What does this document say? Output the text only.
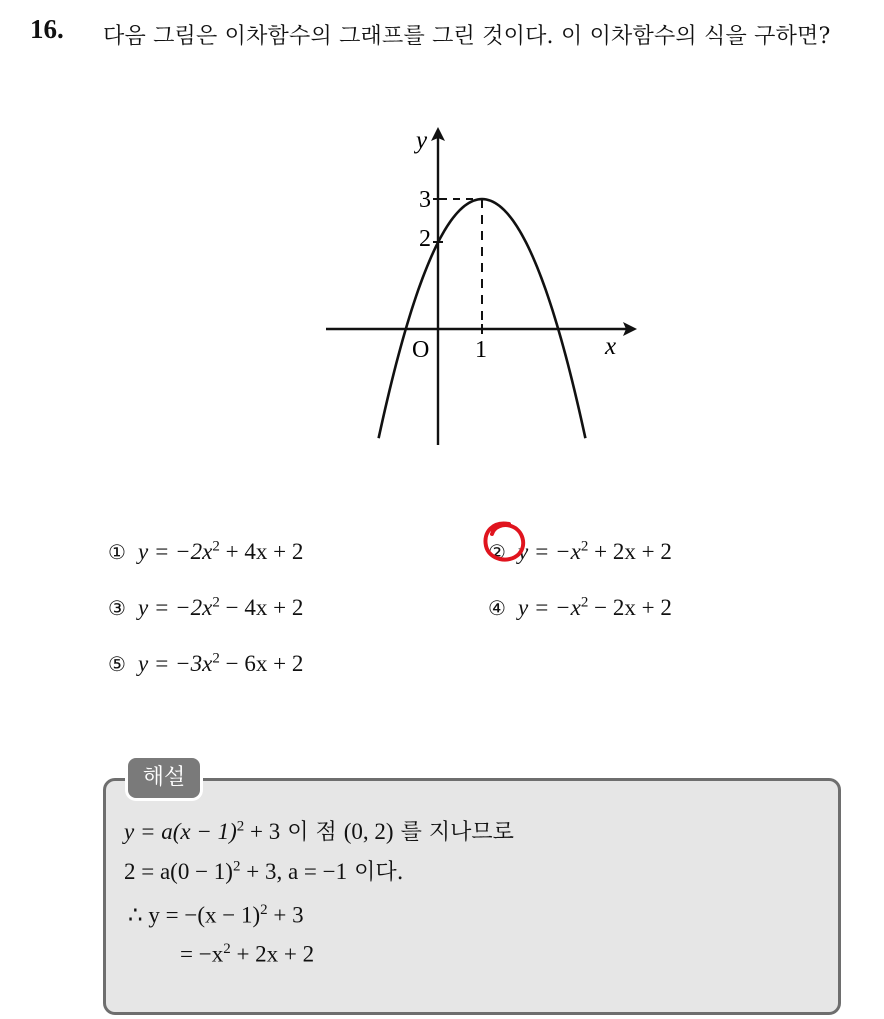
16. 다음 그림은 이차함수의 그래프를 그린 것이다. 이 이차함수의 식을 구하면?
y
x
O
3
2
1
① $y = -2x^2 + 4x + 2$	② $y = -x^2 + 2x + 2$
③ $y = -2x^2 - 4x + 2$	④ $y = -x^2 - 2x + 2$
⑤ $y = -3x^2 - 6x + 2$
해설
$y = a(x - 1)^2 + 3$ 이 점 (0, 2) 를 지나므로
$2 = a(0 - 1)^2 + 3$, a = −1 이다.
∴ $y = -(x - 1)^2 + 3$
= $-x^2 + 2x + 2$
